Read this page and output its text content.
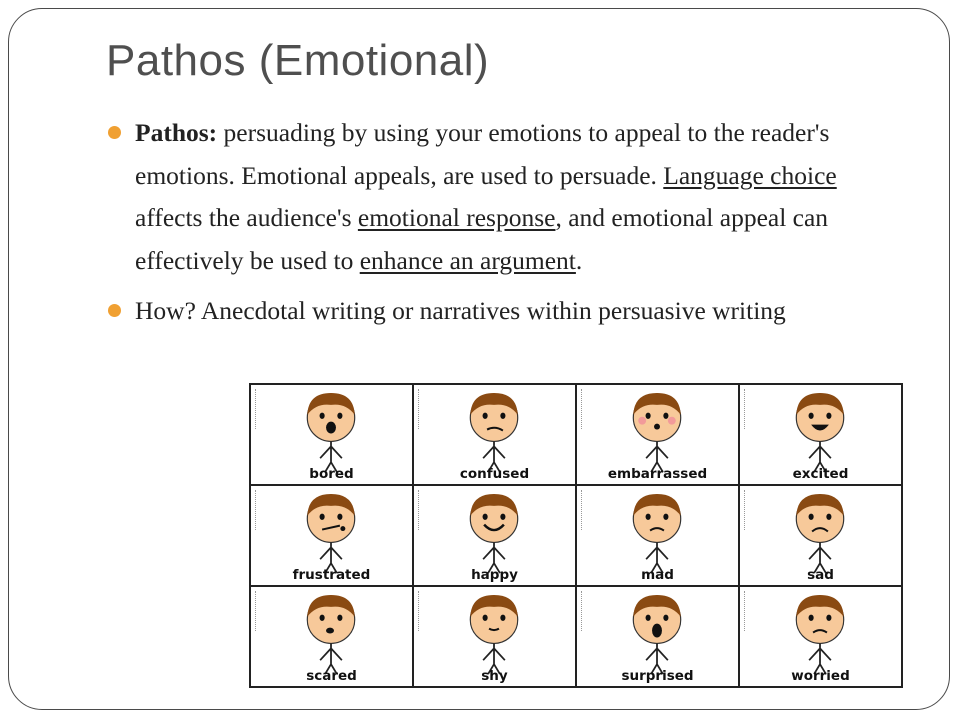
Pathos (Emotional)
Pathos: persuading by using your emotions to appeal to the reader's emotions. Emotional appeals, are used to persuade. Language choice affects the audience's emotional response, and emotional appeal can effectively be used to enhance an argument.
How? Anecdotal writing or narratives within persuasive writing
bored	confused	embarrassed	excited
frustrated	happy	mad	sad
scared	shy	surprised	worried
